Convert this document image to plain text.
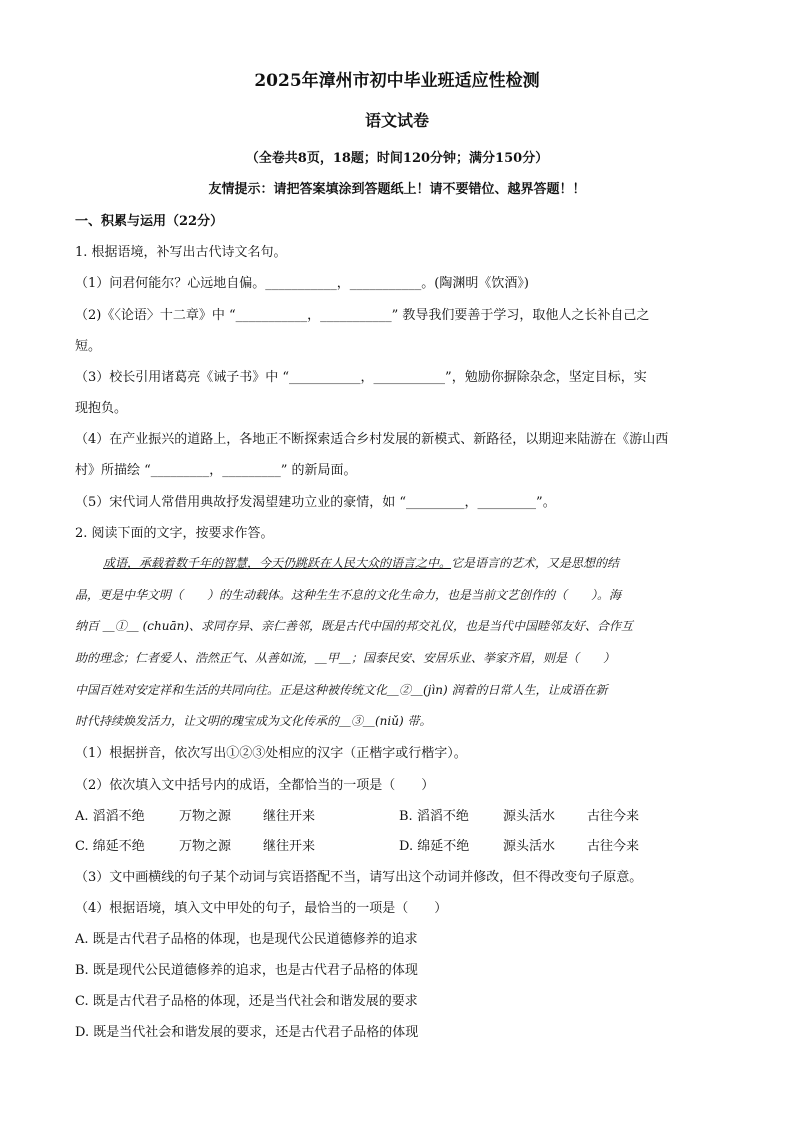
2025年漳州市初中毕业班适应性检测
语文试卷
（全卷共8页，18题；时间120分钟；满分150分）
友情提示：请把答案填涂到答题纸上！请不要错位、越界答题！！
一、积累与运用（22分）
1. 根据语境，补写出古代诗文名句。
（1）问君何能尔？心远地自偏。___________，___________。(陶渊明《饮酒》)
（2)《〈论语〉十二章》中 “___________，___________” 教导我们要善于学习，取他人之长补自己之
短。
（3）校长引用诸葛亮《诫子书》中 “___________，___________”，勉励你摒除杂念，坚定目标，实
现抱负。
（4）在产业振兴的道路上，各地正不断探索适合乡村发展的新模式、新路径，以期迎来陆游在《游山西
村》所描绘 “_________，_________” 的新局面。
（5）宋代词人常借用典故抒发渴望建功立业的豪情，如 “_________，_________”。
2. 阅读下面的文字，按要求作答。
成语，承载着数千年的智慧，今天仍跳跃在人民大众的语言之中。它是语言的艺术，又是思想的结
晶，更是中华文明（　　）的生动载体。这种生生不息的文化生命力，也是当前文艺创作的（　　）。海
纳百 ＿①＿ (chuān)、求同存异、亲仁善邻，既是古代中国的邦交礼仪，也是当代中国睦邻友好、合作互
助的理念；仁者爱人、浩然正气、从善如流，＿甲＿；国泰民安、安居乐业、挙家齐眉，则是（　　）
中国百姓对安定祥和生活的共同向往。正是这种被传统文化＿②＿(jìn) 润着的日常人生，让成语在新
时代持续焕发活力，让文明的瑰宝成为文化传承的＿③＿(niǔ) 带。
（1）根据拼音，依次写出①②③处相应的汉字（正楷字或行楷字）。
（2）依次填入文中括号内的成语，全都恰当的一项是（　　）
A. 滔滔不绝	万物之源 继往开来	B. 滔滔不绝	源头活水 古往今来
C. 绵延不绝	万物之源 继往开来	D. 绵延不绝	源头活水 古往今来
（3）文中画横线的句子某个动词与宾语搭配不当，请写出这个动词并修改，但不得改变句子原意。
（4）根据语境，填入文中甲处的句子，最恰当的一项是（　　）
A. 既是古代君子品格的体现，也是现代公民道德修养的追求
B. 既是现代公民道德修养的追求，也是古代君子品格的体现
C. 既是古代君子品格的体现，还是当代社会和谐发展的要求
D. 既是当代社会和谐发展的要求，还是古代君子品格的体现
